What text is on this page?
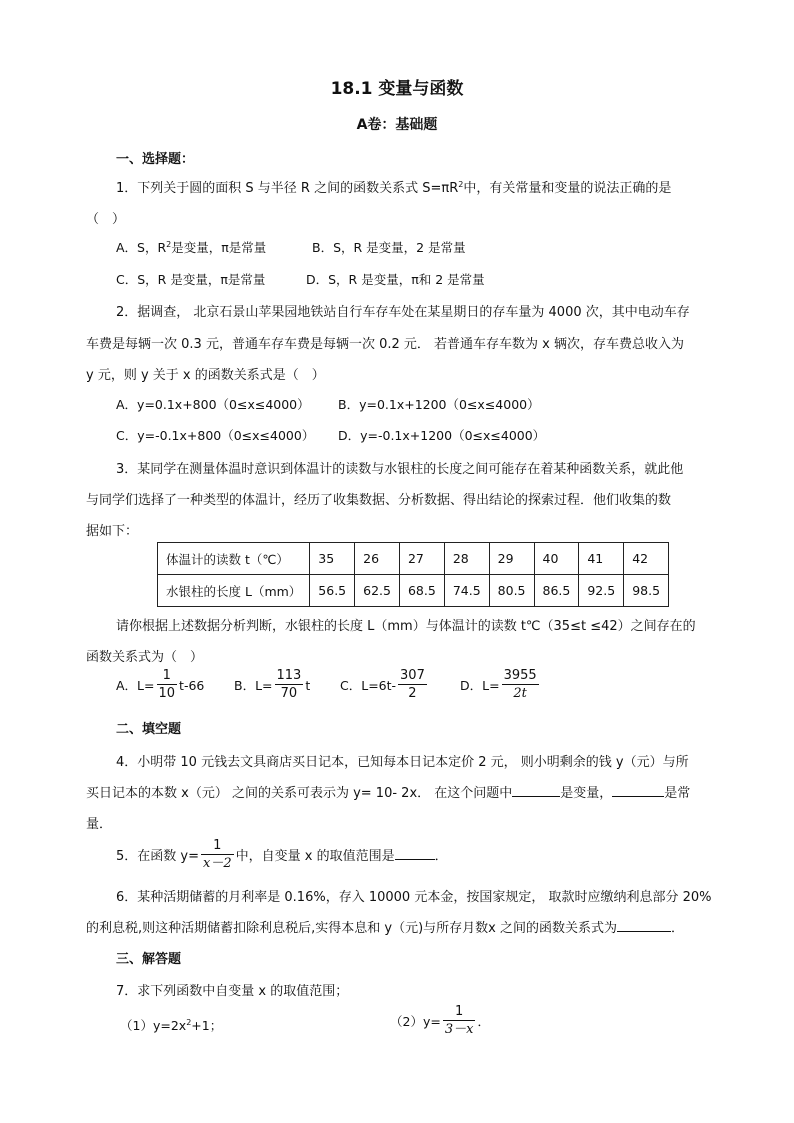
18.1 变量与函数
A卷：基础题
一、选择题：
1．下列关于圆的面积 S 与半径 R 之间的函数关系式 $S=\pi R^2$中，有关常量和变量的说法正确的是
（　）
A．S，$R^2$是变量，π是常量	B．S，R 是变量，2 是常量
C．S，R 是变量，π是常量	D．S，R 是变量，π和 2 是常量
2．据调查， 北京石景山苹果园地铁站自行车存车处在某星期日的存车量为 4000 次，其中电动车存
车费是每辆一次 0.3 元，普通车存车费是每辆一次 0.2 元． 若普通车存车数为 x 辆次，存车费总收入为
y 元，则 y 关于 x 的函数关系式是（　）
A．y=0.1x+800（0≤x≤4000） B．y=0.1x+1200（0≤x≤4000）
C．y=-0.1x+800（0≤x≤4000） D．y=-0.1x+1200（0≤x≤4000）
3．某同学在测量体温时意识到体温计的读数与水银柱的长度之间可能存在着某种函数关系，就此他
与同学们选择了一种类型的体温计，经历了收集数据、分析数据、得出结论的探索过程．他们收集的数
据如下：
体温计的读数 t（℃）	35	26	27	28	29	40	41	42
水银柱的长度 L（mm）	56.5	62.5	68.5	74.5	80.5	86.5	92.5	98.5
请你根据上述数据分析判断，水银柱的长度 L（mm）与体温计的读数 t℃（35≤t ≤42）之间存在的
函数关系式为（　）
A．$L= \frac{1}{10} t-66$ B．$L= \frac{113}{70}$ t C．$L=6t- \frac{307}{2}$	D．$L= \frac{3955}{2t}$
二、填空题
4．小明带 10 元钱去文具商店买日记本，已知每本日记本定价 2 元， 则小明剩余的钱 y（元）与所
买日记本的本数 x（元） 之间的关系可表示为 y= 10- 2x． 在这个问题中	是变量，	是常
量．
5．在函数 $y= \frac{1}{x-2}$ 中，自变量 x 的取值范围是	．
6．某种活期储蓄的月利率是 0.16%，存入 10000 元本金，按国家规定， 取款时应缴纳利息部分 20%
的利息税,则这种活期储蓄扣除利息税后,实得本息和 y（元)与所存月数x 之间的函数关系式为	．
三、解答题
7．求下列函数中自变量 x 的取值范围；
$(1)y=2x^2+1$；	$(2)y= \frac{1}{3-x}$ ．
